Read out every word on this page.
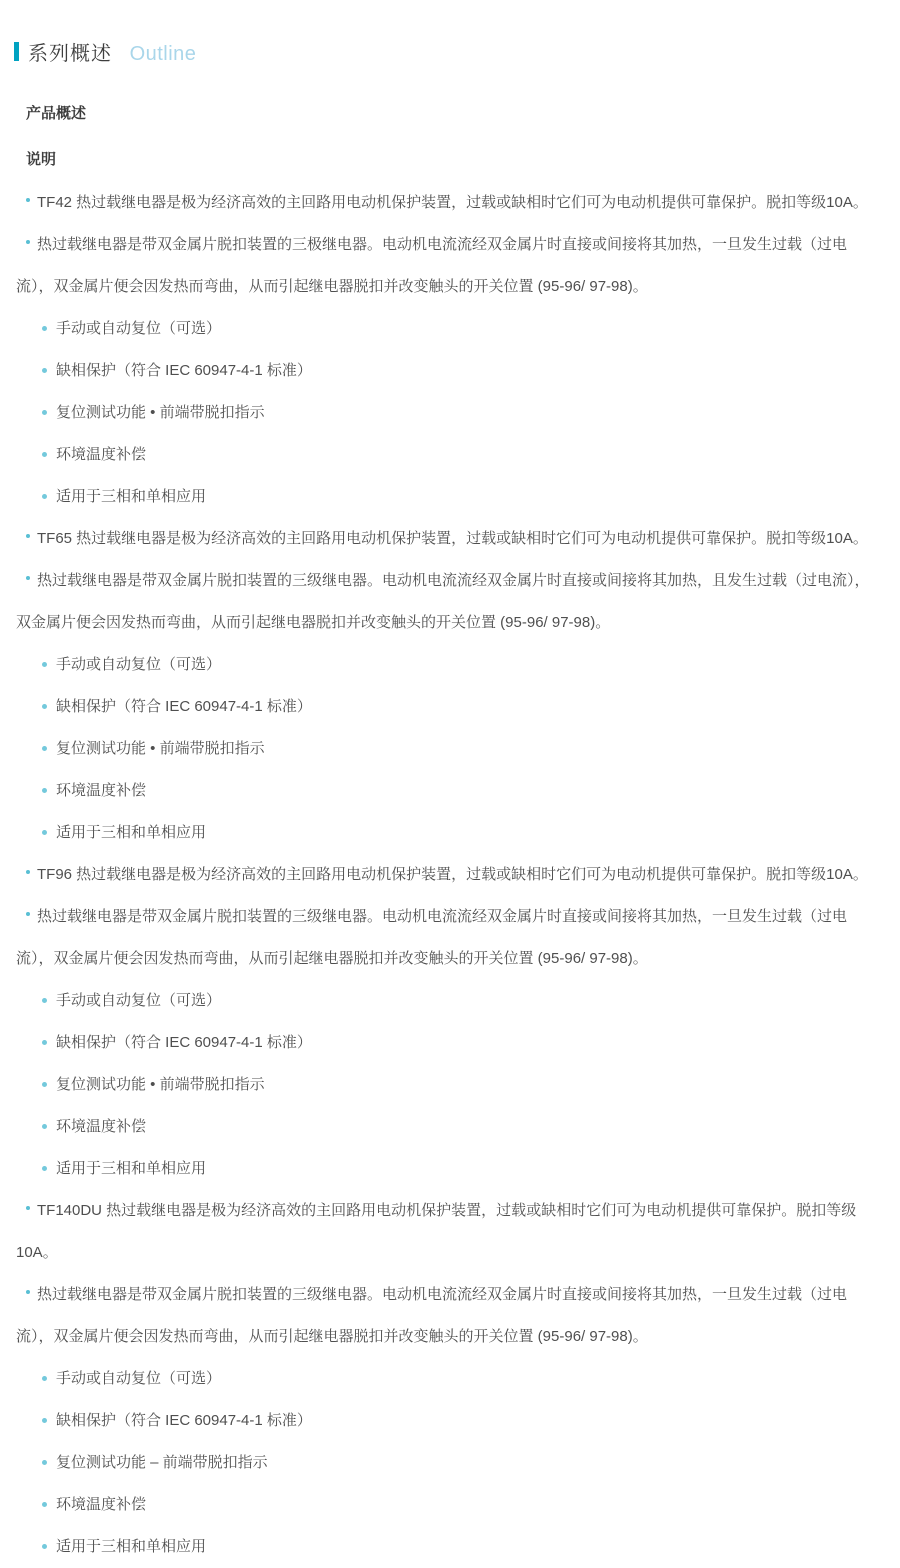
系列概述 Outline
产品概述
说明

TF42 热过载继电器是极为经济高效的主回路用电动机保护装置，过载或缺相时它们可为电动机提供可靠保护。脱扣等级10A。

热过载继电器是带双金属片脱扣装置的三极继电器。电动机电流流经双金属片时直接或间接将其加热，一旦发生过载（过电流），双金属片便会因发热而弯曲，从而引起继电器脱扣并改变触头的开关位置 (95-96/ 97-98)。

手动或自动复位（可选）
缺相保护（符合 IEC 60947-4-1 标准）
复位测试功能 • 前端带脱扣指示
环境温度补偿
适用于三相和单相应用

TF65 热过载继电器是极为经济高效的主回路用电动机保护装置，过载或缺相时它们可为电动机提供可靠保护。脱扣等级10A。

热过载继电器是带双金属片脱扣装置的三级继电器。电动机电流流经双金属片时直接或间接将其加热，且发生过载（过电流），双金属片便会因发热而弯曲，从而引起继电器脱扣并改变触头的开关位置 (95-96/ 97-98)。

手动或自动复位（可选）
缺相保护（符合 IEC 60947-4-1 标准）
复位测试功能 • 前端带脱扣指示
环境温度补偿
适用于三相和单相应用

TF96 热过载继电器是极为经济高效的主回路用电动机保护装置，过载或缺相时它们可为电动机提供可靠保护。脱扣等级10A。

热过载继电器是带双金属片脱扣装置的三级继电器。电动机电流流经双金属片时直接或间接将其加热，一旦发生过载（过电流），双金属片便会因发热而弯曲，从而引起继电器脱扣并改变触头的开关位置 (95-96/ 97-98)。

手动或自动复位（可选）
缺相保护（符合 IEC 60947-4-1 标准）
复位测试功能 • 前端带脱扣指示
环境温度补偿
适用于三相和单相应用

TF140DU 热过载继电器是极为经济高效的主回路用电动机保护装置，过载或缺相时它们可为电动机提供可靠保护。脱扣等级10A。

热过载继电器是带双金属片脱扣装置的三级继电器。电动机电流流经双金属片时直接或间接将其加热，一旦发生过载（过电流），双金属片便会因发热而弯曲，从而引起继电器脱扣并改变触头的开关位置 (95-96/ 97-98)。

手动或自动复位（可选）
缺相保护（符合 IEC 60947-4-1 标准）
复位测试功能 – 前端带脱扣指示
环境温度补偿
适用于三相和单相应用
